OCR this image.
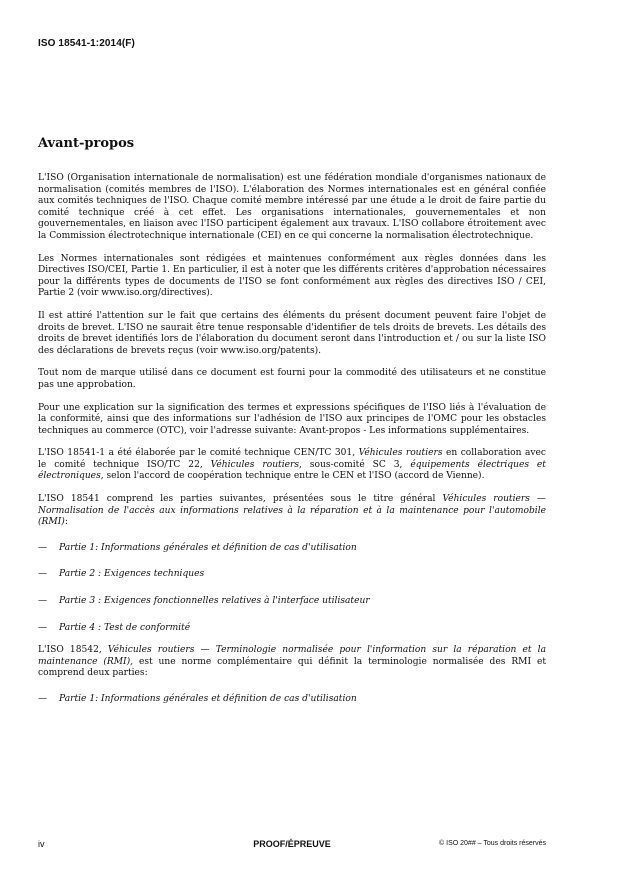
ISO 18541-1:2014(F)
Avant-propos

L'ISO (Organisation internationale de normalisation) est une fédération mondiale d'organismes nationaux de normalisation (comités membres de l'ISO). L'élaboration des Normes internationales est en général confiée aux comités techniques de l'ISO. Chaque comité membre intéressé par une étude a le droit de faire partie du comité technique créé à cet effet. Les organisations internationales, gouvernementales et non gouvernementales, en liaison avec l'ISO participent également aux travaux. L'ISO collabore étroitement avec la Commission électrotechnique internationale (CEI) en ce qui concerne la normalisation électrotechnique.

Les Normes internationales sont rédigées et maintenues conformément aux règles données dans les Directives ISO/CEI, Partie 1. En particulier, il est à noter que les différents critères d'approbation nécessaires pour la différents types de documents de l'ISO se font conformément aux règles des directives ISO / CEI, Partie 2 (voir www.iso.org/directives).

Il est attiré l'attention sur le fait que certains des éléments du présent document peuvent faire l'objet de droits de brevet. L'ISO ne saurait être tenue responsable d'identifier de tels droits de brevets. Les détails des droits de brevet identifiés lors de l'élaboration du document seront dans l'introduction et / ou sur la liste ISO des déclarations de brevets reçus (voir www.iso.org/patents).

Tout nom de marque utilisé dans ce document est fourni pour la commodité des utilisateurs et ne constitue pas une approbation.

Pour une explication sur la signification des termes et expressions spécifiques de l'ISO liés à l'évaluation de la conformité, ainsi que des informations sur l'adhésion de l'ISO aux principes de l'OMC pour les obstacles techniques au commerce (OTC), voir l'adresse suivante: Avant-propos - Les informations supplémentaires.

L'ISO 18541-1 a été élaborée par le comité technique CEN/TC 301, Véhicules routiers en collaboration avec le comité technique ISO/TC 22, Véhicules routiers, sous-comité SC 3, équipements électriques et électroniques, selon l'accord de coopération technique entre le CEN et l'ISO (accord de Vienne).

L'ISO 18541 comprend les parties suivantes, présentées sous le titre général Véhicules routiers — Normalisation de l'accès aux informations relatives à la réparation et à la maintenance pour l'automobile (RMI):

— Partie 1: Informations générales et définition de cas d'utilisation
— Partie 2 : Exigences techniques
— Partie 3 : Exigences fonctionnelles relatives à l'interface utilisateur
— Partie 4 : Test de conformité

L'ISO 18542, Véhicules routiers — Terminologie normalisée pour l'information sur la réparation et la maintenance (RMI), est une norme complémentaire qui définit la terminologie normalisée des RMI et comprend deux parties:

— Partie 1: Informations générales et définition de cas d'utilisation
iv	PROOF/ÉPREUVE	© ISO 20## – Tous droits réservés
